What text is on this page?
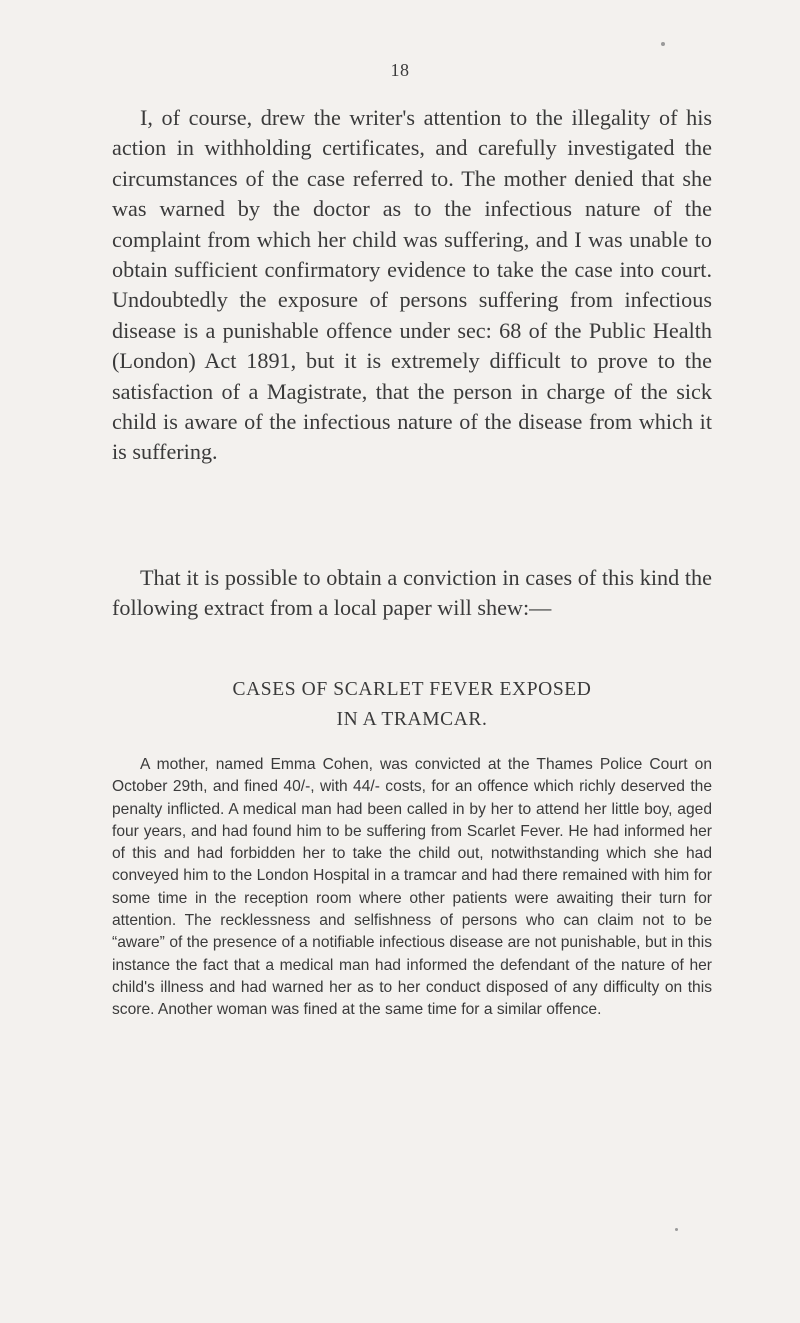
18

I, of course, drew the writer's attention to the illegality of his action in withholding certificates, and carefully investigated the circumstances of the case referred to. The mother denied that she was warned by the doctor as to the infectious nature of the complaint from which her child was suffering, and I was unable to obtain sufficient confirmatory evidence to take the case into court. Undoubtedly the exposure of persons suffering from infectious disease is a punishable offence under sec: 68 of the Public Health (London) Act 1891, but it is extremely difficult to prove to the satisfaction of a Magistrate, that the person in charge of the sick child is aware of the infectious nature of the disease from which it is suffering.

That it is possible to obtain a conviction in cases of this kind the following extract from a local paper will shew:—

CASES OF SCARLET FEVER EXPOSED
IN A TRAMCAR.

A mother, named Emma Cohen, was convicted at the Thames Police Court on October 29th, and fined 40/-, with 44/- costs, for an offence which richly deserved the penalty inflicted. A medical man had been called in by her to attend her little boy, aged four years, and had found him to be suffering from Scarlet Fever. He had informed her of this and had forbidden her to take the child out, notwithstanding which she had conveyed him to the London Hospital in a tramcar and had there remained with him for some time in the reception room where other patients were awaiting their turn for attention. The recklessness and selfishness of persons who can claim not to be “aware” of the presence of a notifiable infectious disease are not punishable, but in this instance the fact that a medical man had informed the defendant of the nature of her child's illness and had warned her as to her conduct disposed of any difficulty on this score. Another woman was fined at the same time for a similar offence.
